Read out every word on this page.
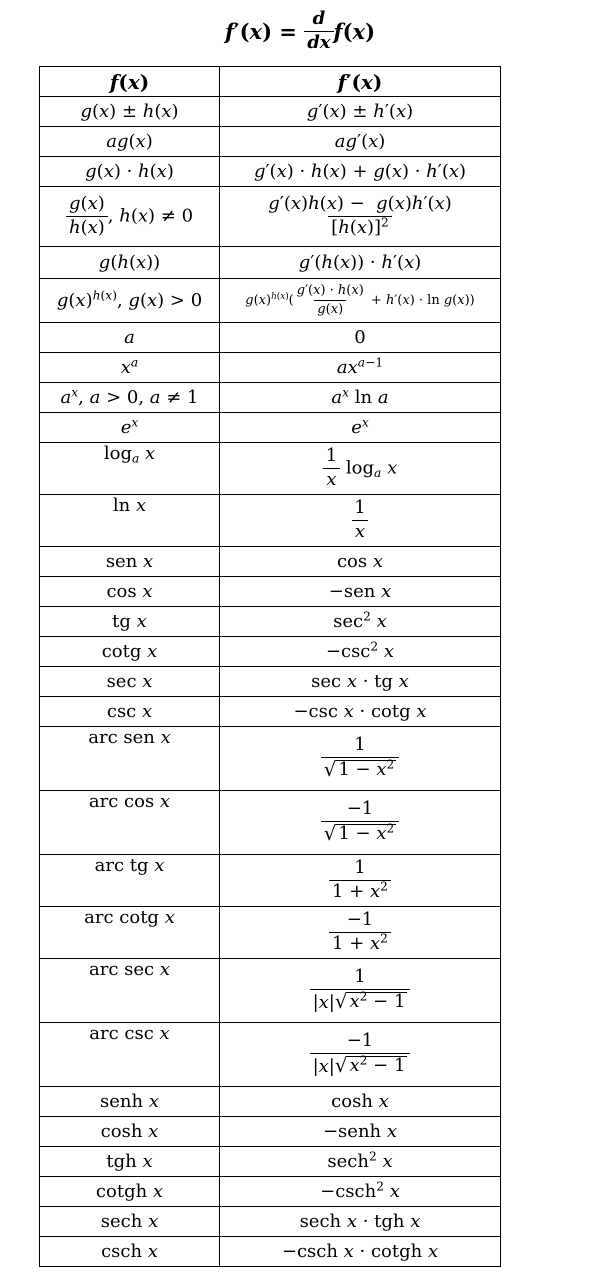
f ′( x ) = $\frac{d}{dx}$ f ( x )
f(x)	f′(x)
g(x) ± h(x)	g′(x) ± h′(x)
ag(x)	ag′(x)
g(x) · h(x)	g′(x) · h(x) + g(x) · h′(x)

$\frac{g(x)}{h(x)}$ , h(x) ≠ 0	$\frac{g'(x)h(x) - g(x)h'(x)}{[h(x)]^2}$

g(h(x))	g′(h(x)) · h′(x)
$g(x)^{h(x)}$, g(x) > 0	$g(x)^{h(x)}( \frac{g'(x) \cdot h(x)}{g(x)} + h'(x) \cdot \ln g(x))$
a	0
$x^a$	$ax^{a-1}$
$a^x$, a > 0, a ≠ 1	$a^x$ ln a
$e^x$	$e^x$
$\log_a x$	$\frac{1}{x} \log_a x$
ln x	$\frac{1}{x}$

sen x	cos x
cos x	−sen x
tg x	$\sec^2 x$
cotg x	$-\csc^2$ x
sec x	sec x · tg x
csc x	−csc x · cotg x
arc sen x	$\frac{1}{√ 1 - x^2}$

arc cos x	$\frac{-1}{√ 1 - x^2}$

arc tg x	$\frac{1}{1 + x^2}$

arc cotg x	$\frac{-1}{1 + x^2}$

arc sec x	$\frac{1}{|x| √ x^2 - 1}$

arc csc x	$\frac{-1}{|x| √ x^2 - 1}$

senh x	cosh x
cosh x	−senh x
tgh x	sech$^2$ x
cotgh x	−csch$^2$ x
sech x	sech x · tgh x
csch x	−csch x · cotgh x
